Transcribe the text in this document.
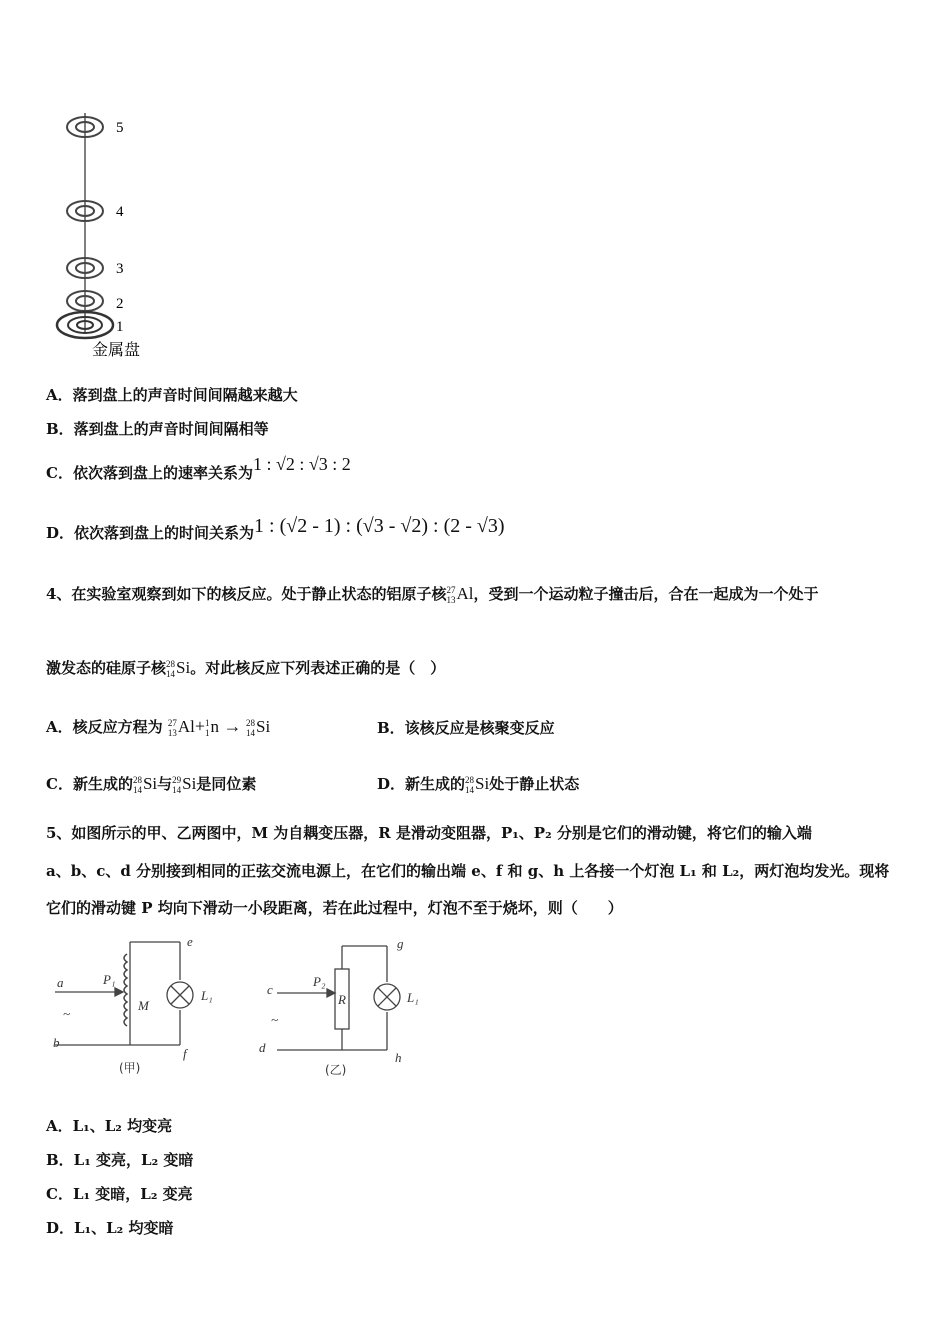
5
4
3
2
1
金属盘
A．落到盘上的声音时间间隔越来越大
B．落到盘上的声音时间间隔相等
C．依次落到盘上的速率关系为1 : √2 : √3 : 2
D．依次落到盘上的时间关系为1 : (√2 - 1) : (√3 - √2) : (2 - √3)
4、在实验室观察到如下的核反应。处于静止状态的铝原子核 27
13 Al，受到一个运动粒子撞击后，合在一起成为一个处于
激发态的硅原子核 28
14 Si。对此核反应下列表述正确的是（　）
A．核反应方程为 27
13 Al+ 1
1 n → 28
14 Si	B．该核反应是核聚变反应
C．新生成的 28
14 Si与 29
14 Si是同位素	D．新生成的 28
14 Si处于静止状态
5、如图所示的甲、乙两图中，M 为自耦变压器，R 是滑动变阻器，P₁、P₂ 分别是它们的滑动键，将它们的输入端
a、b、c、d 分别接到相同的正弦交流电源上，在它们的输出端 e、f 和 g、h 上各接一个灯泡 L₁ 和 L₂，两灯泡均发光。现将
它们的滑动键 P 均向下滑动一小段距离，若在此过程中，灯泡不至于烧坏，则（　　）
a
~
b
P₁
M
e
f
L₁
(甲)
c
~
d
P₂
R
g
h
L₁
(乙)
A．L₁、L₂ 均变亮
B．L₁ 变亮，L₂ 变暗
C．L₁ 变暗，L₂ 变亮
D．L₁、L₂ 均变暗
